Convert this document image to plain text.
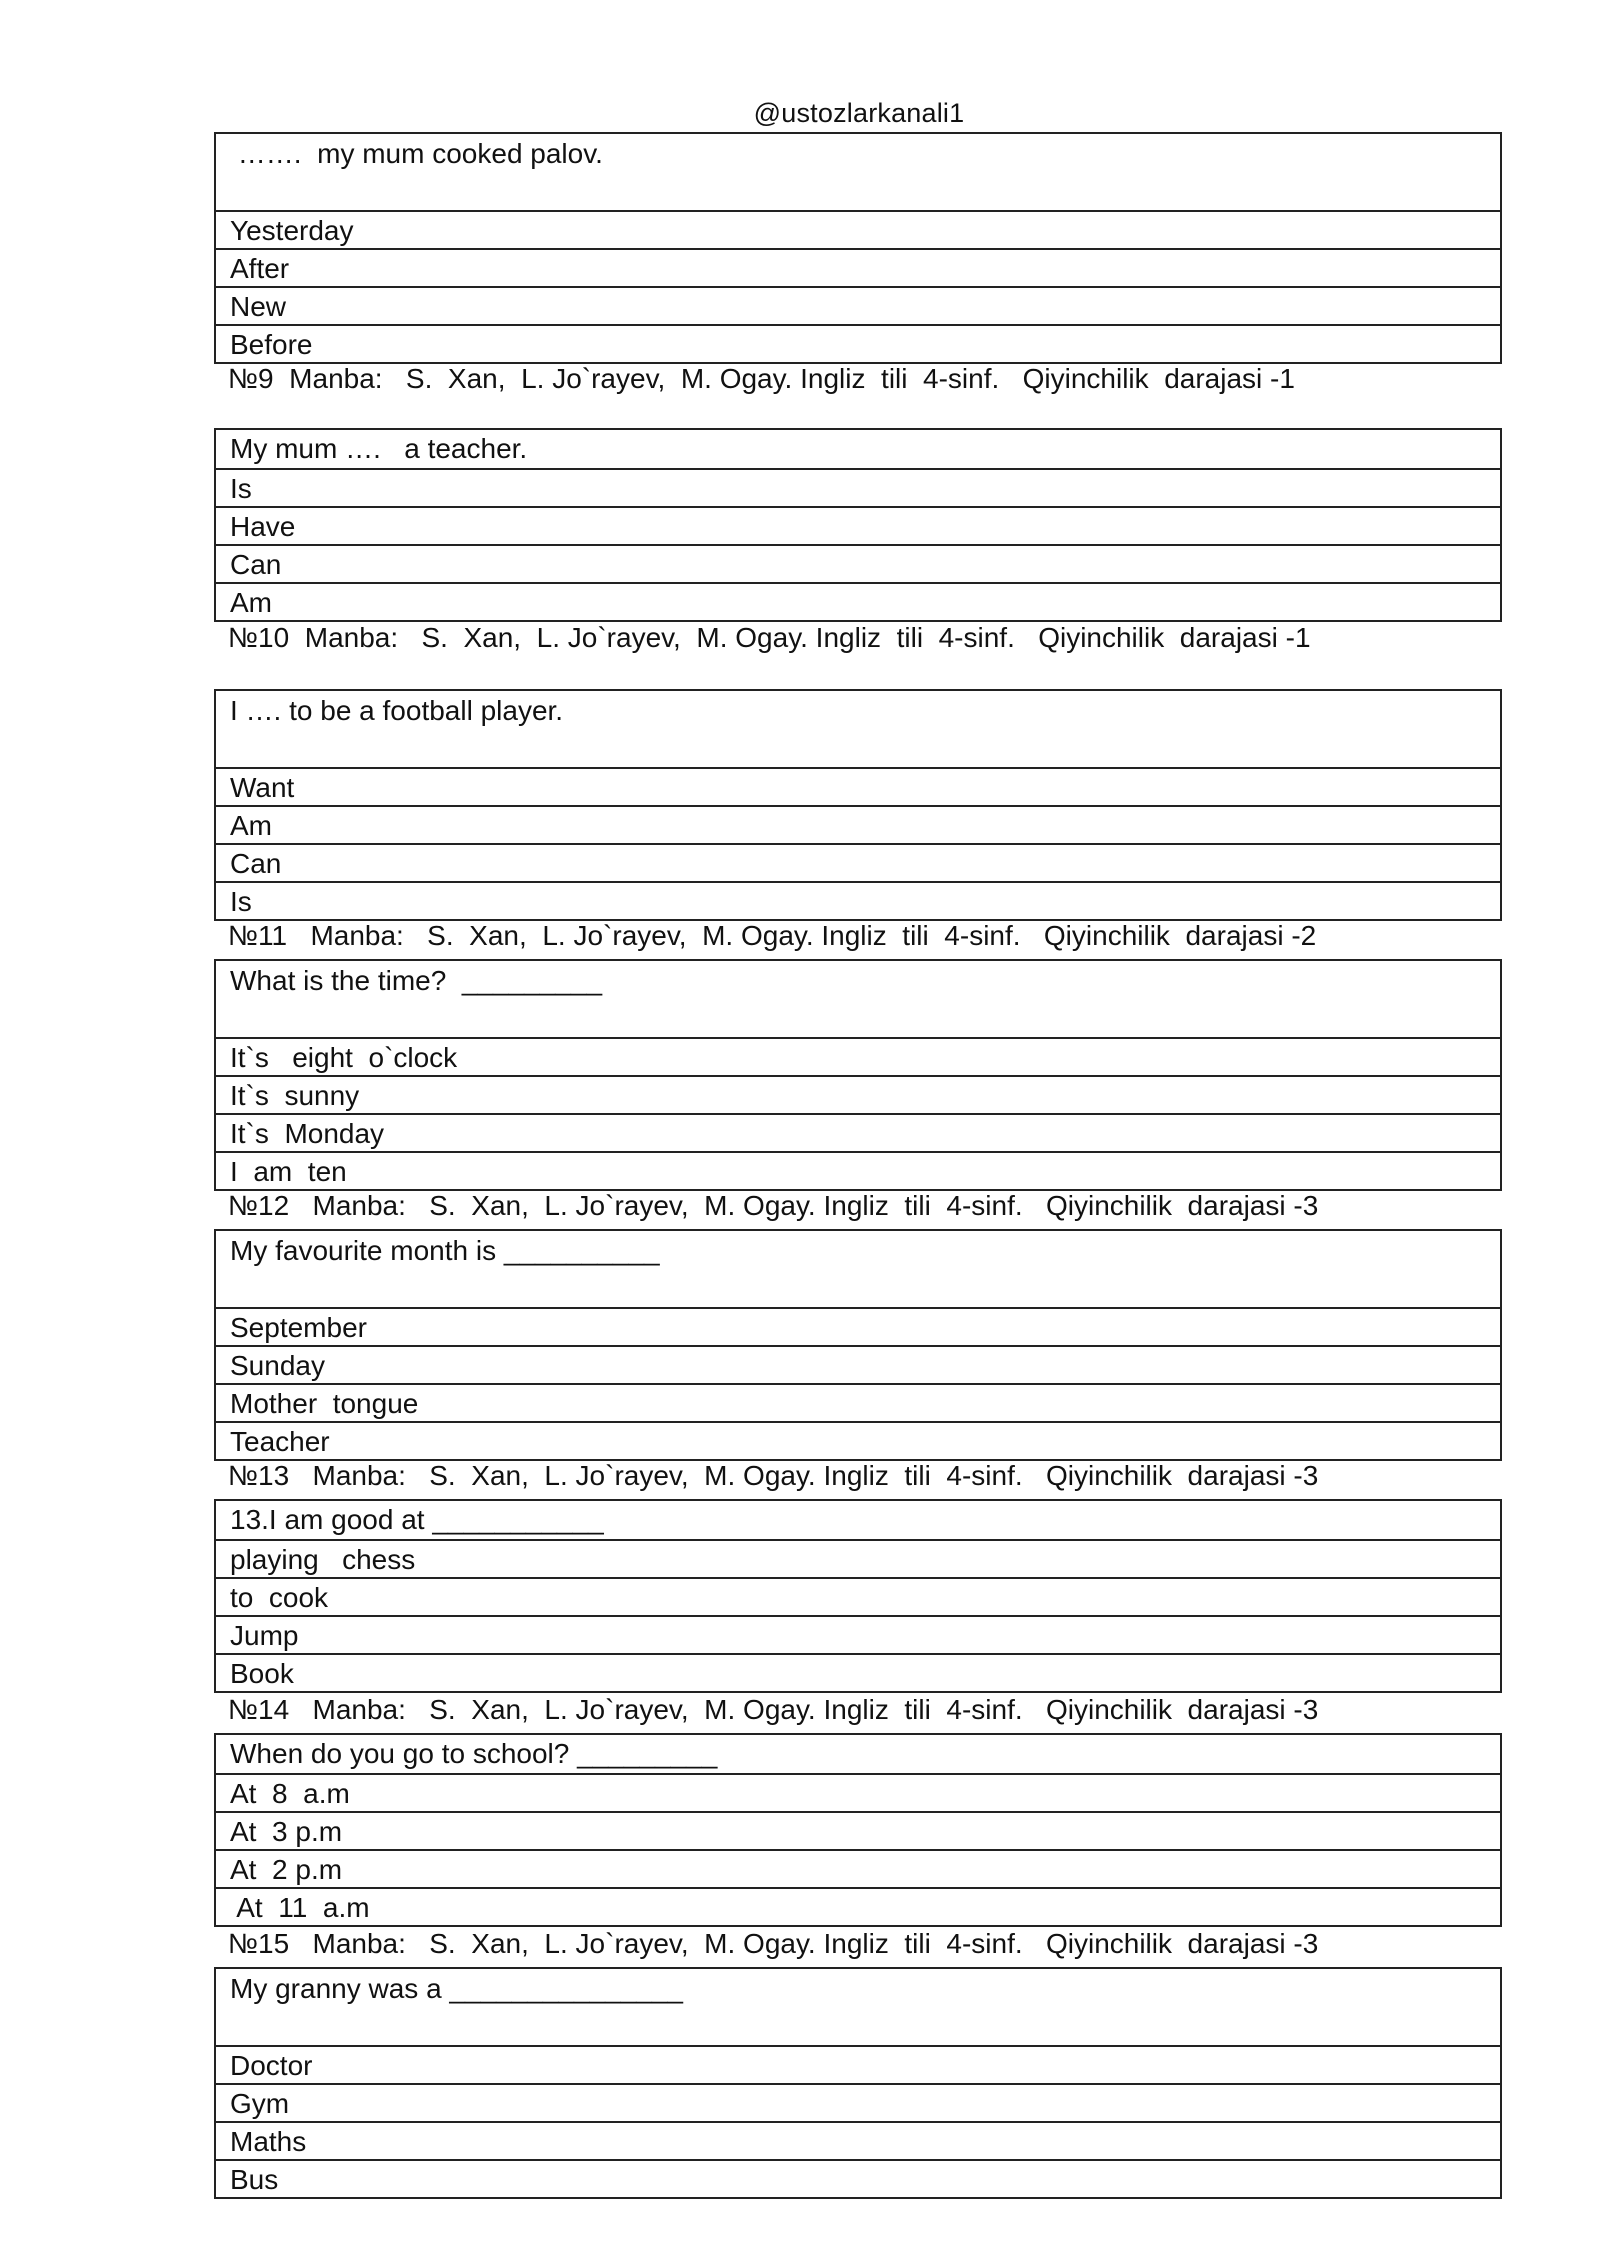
@ustozlarkanali1
…….  my mum cooked palov.
Yesterday
After
New
Before
№9  Manba:   S.  Xan,  L. Jo`rayev,  M. Ogay. Ingliz  tili  4-sinf.   Qiyinchilik  darajasi -1
My mum ….   a teacher.
Is
Have
Can
Am
№10  Manba:   S.  Xan,  L. Jo`rayev,  M. Ogay. Ingliz  tili  4-sinf.   Qiyinchilik  darajasi -1
I …. to be a football player.
Want
Am
Can
Is
№11   Manba:   S.  Xan,  L. Jo`rayev,  M. Ogay. Ingliz  tili  4-sinf.   Qiyinchilik  darajasi -2
What is the time?  _________
It`s   eight  o`clock
It`s  sunny
It`s  Monday
I  am  ten
№12   Manba:   S.  Xan,  L. Jo`rayev,  M. Ogay. Ingliz  tili  4-sinf.   Qiyinchilik  darajasi -3
My favourite month is __________
September
Sunday
Mother  tongue
Teacher
№13   Manba:   S.  Xan,  L. Jo`rayev,  M. Ogay. Ingliz  tili  4-sinf.   Qiyinchilik  darajasi -3
13.I am good at ___________
playing   chess
to  cook
Jump
Book
№14   Manba:   S.  Xan,  L. Jo`rayev,  M. Ogay. Ingliz  tili  4-sinf.   Qiyinchilik  darajasi -3
When do you go to school? _________
At  8  a.m
At  3 p.m
At  2 p.m
At  11  a.m
№15   Manba:   S.  Xan,  L. Jo`rayev,  M. Ogay. Ingliz  tili  4-sinf.   Qiyinchilik  darajasi -3
My granny was a _______________
Doctor
Gym
Maths
Bus
